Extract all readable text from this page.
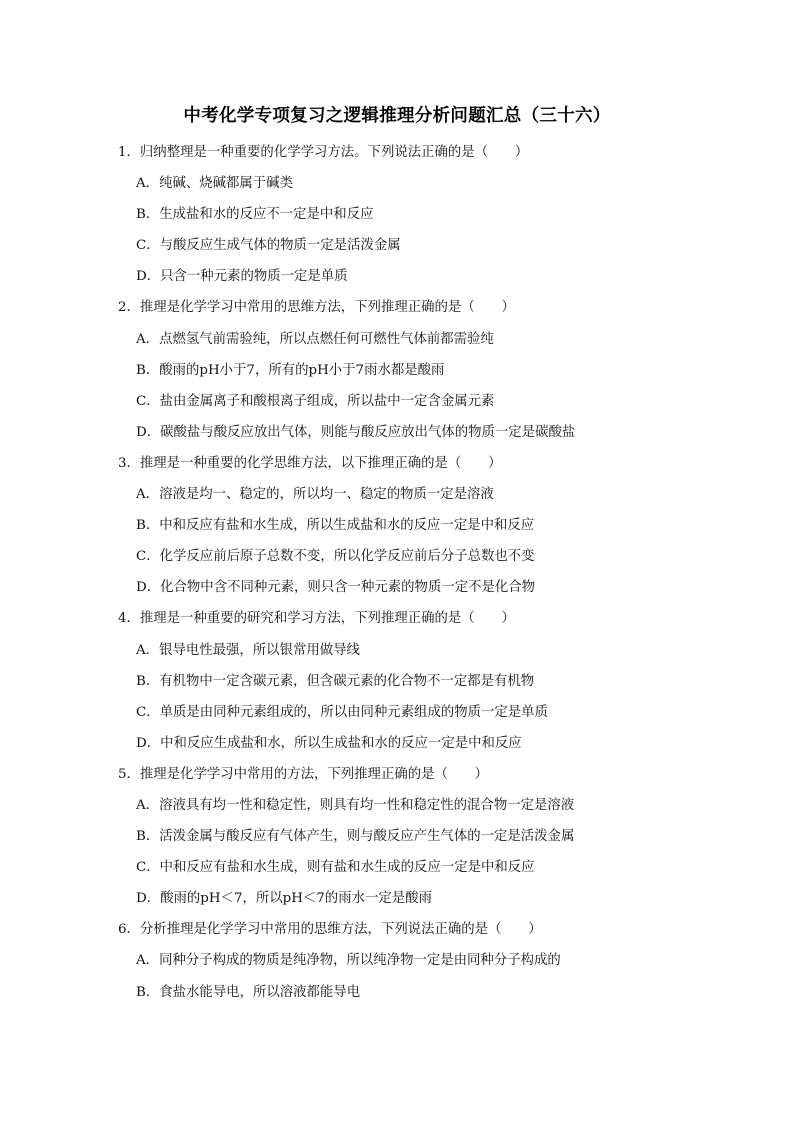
中考化学专项复习之逻辑推理分析问题汇总（三十六）
1．归纳整理是一种重要的化学学习方法。下列说法正确的是（　　）
A．纯碱、烧碱都属于碱类
B．生成盐和水的反应不一定是中和反应
C．与酸反应生成气体的物质一定是活泼金属
D．只含一种元素的物质一定是单质
2．推理是化学学习中常用的思维方法，下列推理正确的是（　　）
A．点燃氢气前需验纯，所以点燃任何可燃性气体前都需验纯
B．酸雨的pH小于7，所有的pH小于7雨水都是酸雨
C．盐由金属离子和酸根离子组成，所以盐中一定含金属元素
D．碳酸盐与酸反应放出气体，则能与酸反应放出气体的物质一定是碳酸盐
3．推理是一种重要的化学思维方法，以下推理正确的是（　　）
A．溶液是均一、稳定的，所以均一、稳定的物质一定是溶液
B．中和反应有盐和水生成，所以生成盐和水的反应一定是中和反应
C．化学反应前后原子总数不变，所以化学反应前后分子总数也不变
D．化合物中含不同种元素，则只含一种元素的物质一定不是化合物
4．推理是一种重要的研究和学习方法，下列推理正确的是（　　）
A．银导电性最强，所以银常用做导线
B．有机物中一定含碳元素，但含碳元素的化合物不一定都是有机物
C．单质是由同种元素组成的，所以由同种元素组成的物质一定是单质
D．中和反应生成盐和水，所以生成盐和水的反应一定是中和反应
5．推理是化学学习中常用的方法，下列推理正确的是（　　）
A．溶液具有均一性和稳定性，则具有均一性和稳定性的混合物一定是溶液
B．活泼金属与酸反应有气体产生，则与酸反应产生气体的一定是活泼金属
C．中和反应有盐和水生成，则有盐和水生成的反应一定是中和反应
D．酸雨的pH＜7，所以pH＜7的雨水一定是酸雨
6．分析推理是化学学习中常用的思维方法，下列说法正确的是（　　）
A．同种分子构成的物质是纯净物，所以纯净物一定是由同种分子构成的
B．食盐水能导电，所以溶液都能导电
